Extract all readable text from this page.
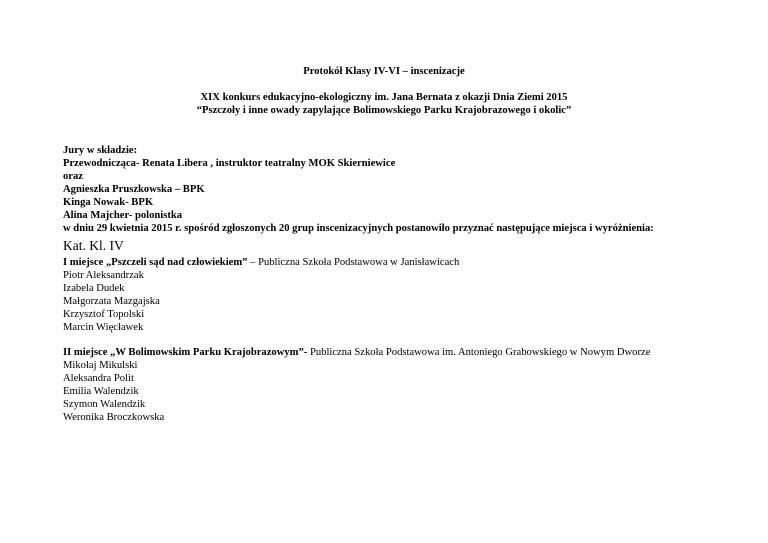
Protokół Klasy IV-VI – inscenizacje
XIX konkurs edukacyjno-ekologiczny im. Jana Bernata z okazji Dnia Ziemi 2015
“Pszczoły i inne owady zapylające Bolimowskiego Parku Krajobrazowego i okolic”
Jury w składzie:
Przewodnicząca- Renata Libera , instruktor teatralny MOK Skierniewice
oraz
Agnieszka Pruszkowska – BPK
Kinga Nowak- BPK
Alina Majcher- polonistka
w dniu 29 kwietnia 2015 r. spośród zgłoszonych 20 grup inscenizacyjnych postanowiło przyznać następujące miejsca i wyróżnienia:
Kat. Kl. IV
I miejsce „Pszczeli sąd nad człowiekiem” – Publiczna Szkoła Podstawowa w Janisławicach
Piotr Aleksandrzak
Izabela Dudek
Małgorzata Mazgajska
Krzysztof Topolski
Marcin Więcławek
II miejsce „W Bolimowskim Parku Krajobrazowym”- Publiczna Szkoła Podstawowa im. Antoniego Grabowskiego w Nowym Dworze
Mikołaj Mikulski
Aleksandra Polit
Emilia Walendzik
Szymon Walendzik
Weronika Broczkowska
